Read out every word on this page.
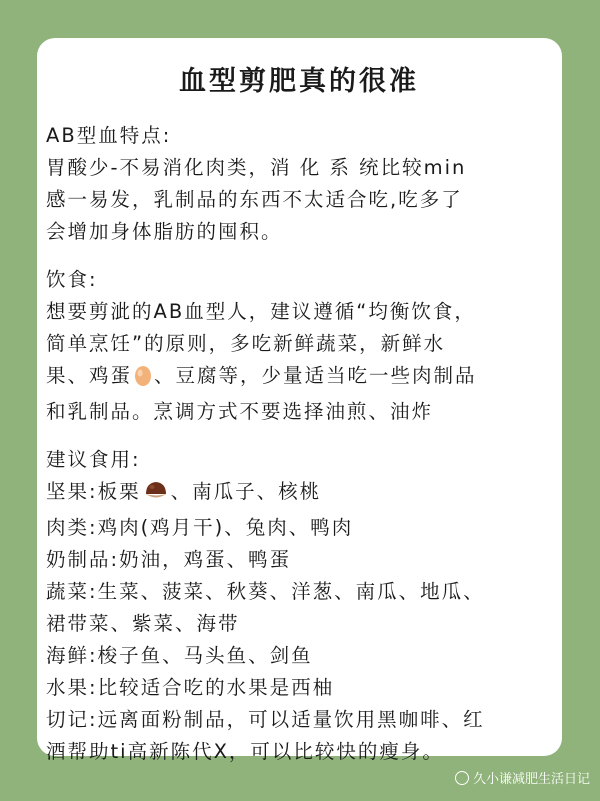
血型剪肥真的很准
AB型血特点:
胃酸少-不易消化肉类，消 化 系 统比较min
感一易发，乳制品的东西不太适合吃,吃多了
会增加身体脂肪的囤积。
饮食:
想要剪泚的AB血型人，建议遵循“均衡饮食，
简单烹饪”的原则，多吃新鲜蔬菜，新鲜水
果、鸡蛋 、豆腐等，少量适当吃一些肉制品
和乳制品。烹调方式不要选择油煎、油炸
建议食用:
坚果:板栗 、南瓜子、核桃
肉类:鸡肉(鸡月干)、兔肉、鸭肉
奶制品:奶油，鸡蛋、鸭蛋
蔬菜:生菜、菠菜、秋葵、洋葱、南瓜、地瓜、
裙带菜、紫菜、海带
海鲜:梭子鱼、马头鱼、剑鱼
水果:比较适合吃的水果是西柚
切记:远离面粉制品，可以适量饮用黑咖啡、红
酒帮助ti高新陈代X，可以比较快的瘦身。
久小谦减肥生活日记
